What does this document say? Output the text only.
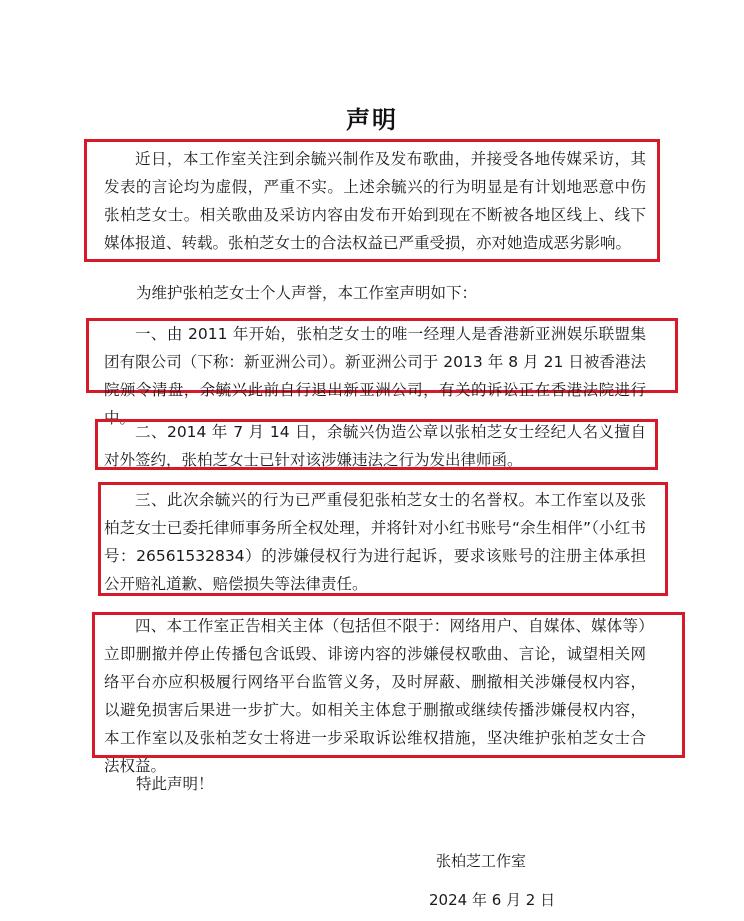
声明
近日，本工作室关注到余毓兴制作及发布歌曲，并接受各地传媒采访，其发表的言论均为虚假，严重不实。上述余毓兴的行为明显是有计划地恶意中伤张柏芝女士。相关歌曲及采访内容由发布开始到现在不断被各地区线上、线下媒体报道、转载。张柏芝女士的合法权益已严重受损，亦对她造成恶劣影响。
为维护张柏芝女士个人声誉，本工作室声明如下：
一、由 2011 年开始，张柏芝女士的唯一经理人是香港新亚洲娱乐联盟集团有限公司（下称：新亚洲公司）。新亚洲公司于 2013 年 8 月 21 日被香港法院颁令清盘，余毓兴此前自行退出新亚洲公司，有关的诉讼正在香港法院进行中。
二、2014 年 7 月 14 日，余毓兴伪造公章以张柏芝女士经纪人名义擅自对外签约，张柏芝女士已针对该涉嫌违法之行为发出律师函。
三、此次余毓兴的行为已严重侵犯张柏芝女士的名誉权。本工作室以及张柏芝女士已委托律师事务所全权处理，并将针对小红书账号“余生相伴”（小红书号：26561532834）的涉嫌侵权行为进行起诉，要求该账号的注册主体承担公开赔礼道歉、赔偿损失等法律责任。
四、本工作室正告相关主体（包括但不限于：网络用户、自媒体、媒体等）立即删撤并停止传播包含诋毁、诽谤内容的涉嫌侵权歌曲、言论，诚望相关网络平台亦应积极履行网络平台监管义务，及时屏蔽、删撤相关涉嫌侵权内容，以避免损害后果进一步扩大。如相关主体怠于删撤或继续传播涉嫌侵权内容，本工作室以及张柏芝女士将进一步采取诉讼维权措施，坚决维护张柏芝女士合法权益。
特此声明！
张柏芝工作室
2024 年 6 月 2 日
